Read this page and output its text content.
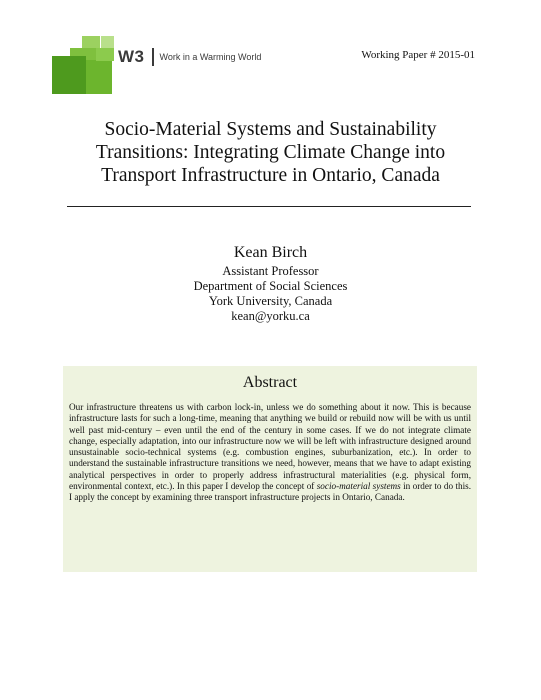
W3 Work in a Warming World	Working Paper # 2015-01
Socio-Material Systems and Sustainability
Transitions: Integrating Climate Change into
Transport Infrastructure in Ontario, Canada
Kean Birch
Assistant Professor
Department of Social Sciences
York University, Canada
kean@yorku.ca
Abstract
Our infrastructure threatens us with carbon lock-in, unless we do something about it now. This is because infrastructure lasts for such a long-time, meaning that anything we build or rebuild now will be with us until well past mid-century – even until the end of the century in some cases. If we do not integrate climate change, especially adaptation, into our infrastructure now we will be left with infrastructure designed around unsustainable socio-technical systems (e.g. combustion engines, suburbanization, etc.). In order to understand the sustainable infrastructure transitions we need, however, means that we have to adapt existing analytical perspectives in order to properly address infrastructural materialities (e.g. physical form, environmental context, etc.). In this paper I develop the concept of socio-material systems in order to do this. I apply the concept by examining three transport infrastructure projects in Ontario, Canada.
